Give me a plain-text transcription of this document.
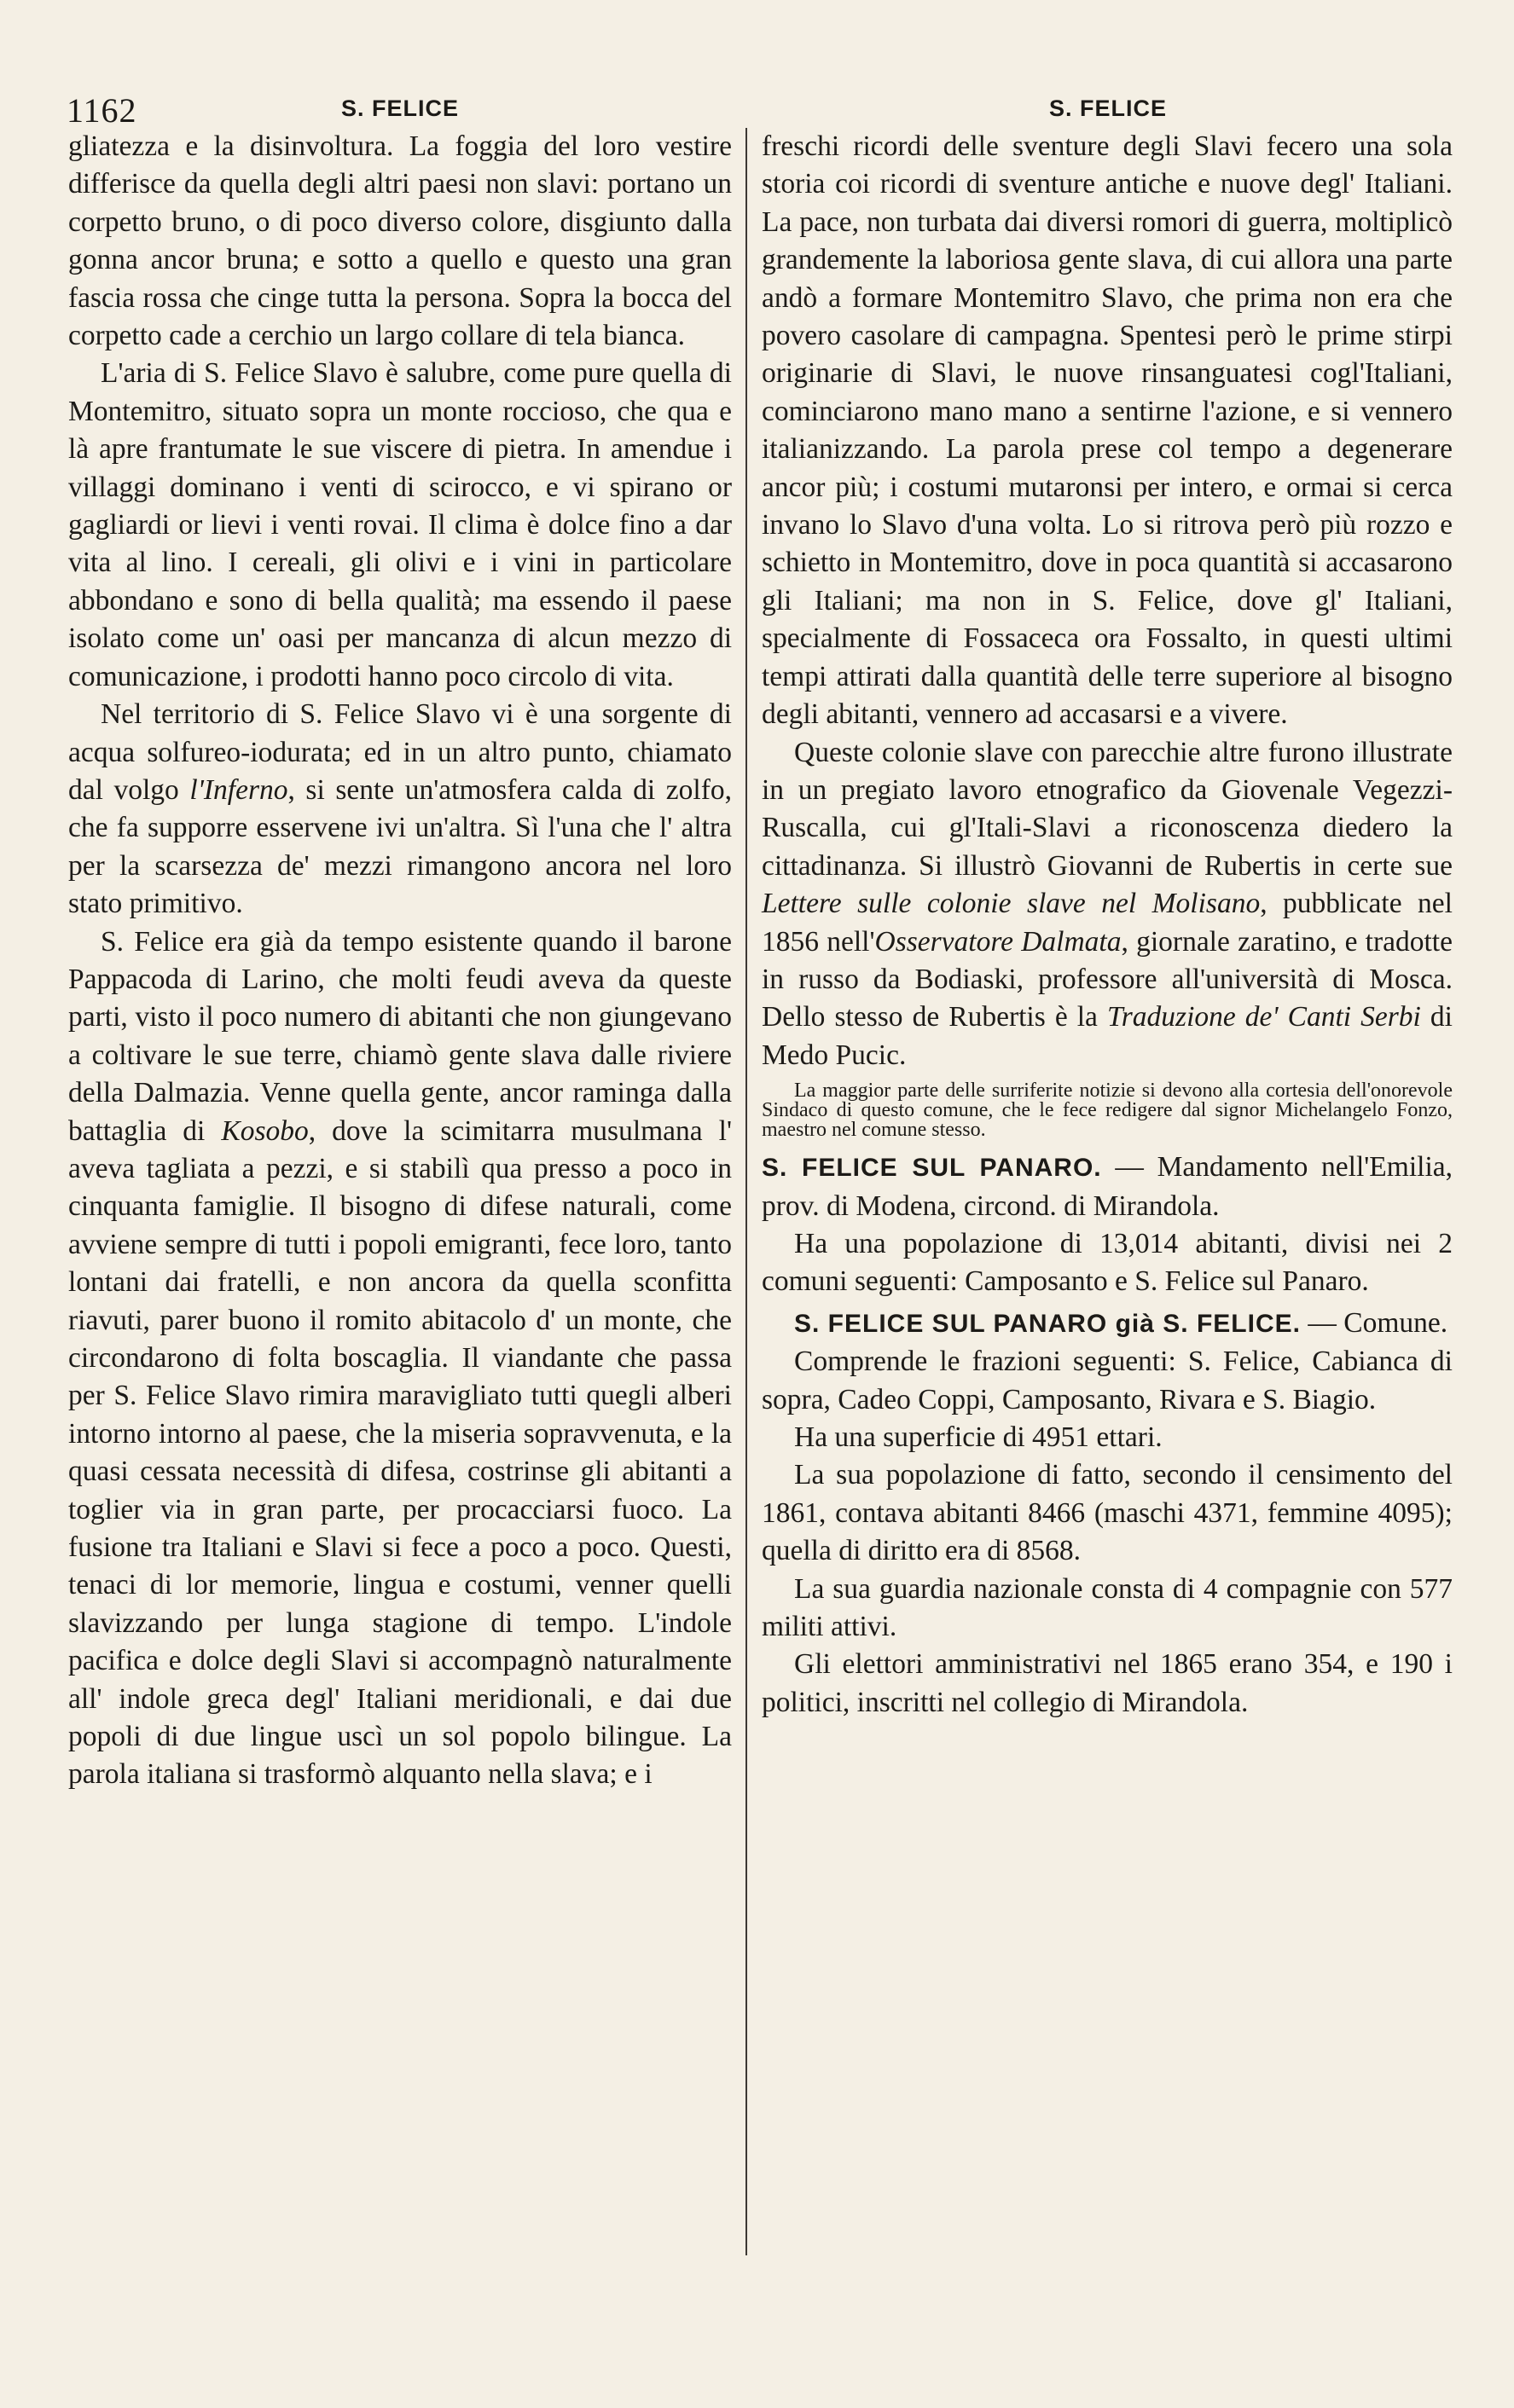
1162	S. FELICE	S. FELICE

gliatezza e la disinvoltura. La foggia del loro vestire differisce da quella degli altri paesi non slavi: portano un corpetto bruno, o di poco diverso colore, disgiunto dalla gonna ancor bruna; e sotto a quello e questo una gran fascia rossa che cinge tutta la persona. Sopra la bocca del corpetto cade a cerchio un largo collare di tela bianca.

L'aria di S. Felice Slavo è salubre, come pure quella di Montemitro, situato sopra un monte roccioso, che qua e là apre frantumate le sue viscere di pietra. In amendue i villaggi dominano i venti di scirocco, e vi spirano or gagliardi or lievi i venti rovai. Il clima è dolce fino a dar vita al lino. I cereali, gli olivi e i vini in particolare abbondano e sono di bella qualità; ma essendo il paese isolato come un' oasi per mancanza di alcun mezzo di comunicazione, i prodotti hanno poco circolo di vita.

Nel territorio di S. Felice Slavo vi è una sorgente di acqua solfureo-iodurata; ed in un altro punto, chiamato dal volgo l'Inferno, si sente un'atmosfera calda di zolfo, che fa supporre esservene ivi un'altra. Sì l'una che l' altra per la scarsezza de' mezzi rimangono ancora nel loro stato primitivo.

S. Felice era già da tempo esistente quando il barone Pappacoda di Larino, che molti feudi aveva da queste parti, visto il poco numero di abitanti che non giungevano a coltivare le sue terre, chiamò gente slava dalle riviere della Dalmazia. Venne quella gente, ancor raminga dalla battaglia di Kosobo, dove la scimitarra musulmana l' aveva tagliata a pezzi, e si stabilì qua presso a poco in cinquanta famiglie. Il bisogno di difese naturali, come avviene sempre di tutti i popoli emigranti, fece loro, tanto lontani dai fratelli, e non ancora da quella sconfitta riavuti, parer buono il romito abitacolo d' un monte, che circondarono di folta boscaglia. Il viandante che passa per S. Felice Slavo rimira maravigliato tutti quegli alberi intorno intorno al paese, che la miseria sopravvenuta, e la quasi cessata necessità di difesa, costrinse gli abitanti a toglier via in gran parte, per procacciarsi fuoco. La fusione tra Italiani e Slavi si fece a poco a poco. Questi, tenaci di lor memorie, lingua e costumi, venner quelli slavizzando per lunga stagione di tempo. L'indole pacifica e dolce degli Slavi si accompagnò naturalmente all' indole greca degl' Italiani meridionali, e dai due popoli di due lingue uscì un sol popolo bilingue. La parola italiana si trasformò alquanto nella slava; e i

freschi ricordi delle sventure degli Slavi fecero una sola storia coi ricordi di sventure antiche e nuove degl' Italiani. La pace, non turbata dai diversi romori di guerra, moltiplicò grandemente la laboriosa gente slava, di cui allora una parte andò a formare Montemitro Slavo, che prima non era che povero casolare di campagna. Spentesi però le prime stirpi originarie di Slavi, le nuove rinsanguatesi cogl'Italiani, cominciarono mano mano a sentirne l'azione, e si vennero italianizzando. La parola prese col tempo a degenerare ancor più; i costumi mutaronsi per intero, e ormai si cerca invano lo Slavo d'una volta. Lo si ritrova però più rozzo e schietto in Montemitro, dove in poca quantità si accasarono gli Italiani; ma non in S. Felice, dove gl' Italiani, specialmente di Fossaceca ora Fossalto, in questi ultimi tempi attirati dalla quantità delle terre superiore al bisogno degli abitanti, vennero ad accasarsi e a vivere.

Queste colonie slave con parecchie altre furono illustrate in un pregiato lavoro etnografico da Giovenale Vegezzi-Ruscalla, cui gl'Itali-Slavi a riconoscenza diedero la cittadinanza. Si illustrò Giovanni de Rubertis in certe sue Lettere sulle colonie slave nel Molisano, pubblicate nel 1856 nell'Osservatore Dalmata, giornale zaratino, e tradotte in russo da Bodiaski, professore all'università di Mosca. Dello stesso de Rubertis è la Traduzione de' Canti Serbi di Medo Pucic.

La maggior parte delle surriferite notizie si devono alla cortesia dell'onorevole Sindaco di questo comune, che le fece redigere dal signor Michelangelo Fonzo, maestro nel comune stesso.

S. FELICE SUL PANARO. — Mandamento nell'Emilia, prov. di Modena, circond. di Mirandola.

Ha una popolazione di 13,014 abitanti, divisi nei 2 comuni seguenti: Camposanto e S. Felice sul Panaro.

S. FELICE SUL PANARO già S. FELICE. — Comune.

Comprende le frazioni seguenti: S. Felice, Cabianca di sopra, Cadeo Coppi, Camposanto, Rivara e S. Biagio.

Ha una superficie di 4951 ettari.

La sua popolazione di fatto, secondo il censimento del 1861, contava abitanti 8466 (maschi 4371, femmine 4095); quella di diritto era di 8568.

La sua guardia nazionale consta di 4 compagnie con 577 militi attivi.

Gli elettori amministrativi nel 1865 erano 354, e 190 i politici, inscritti nel collegio di Mirandola.
